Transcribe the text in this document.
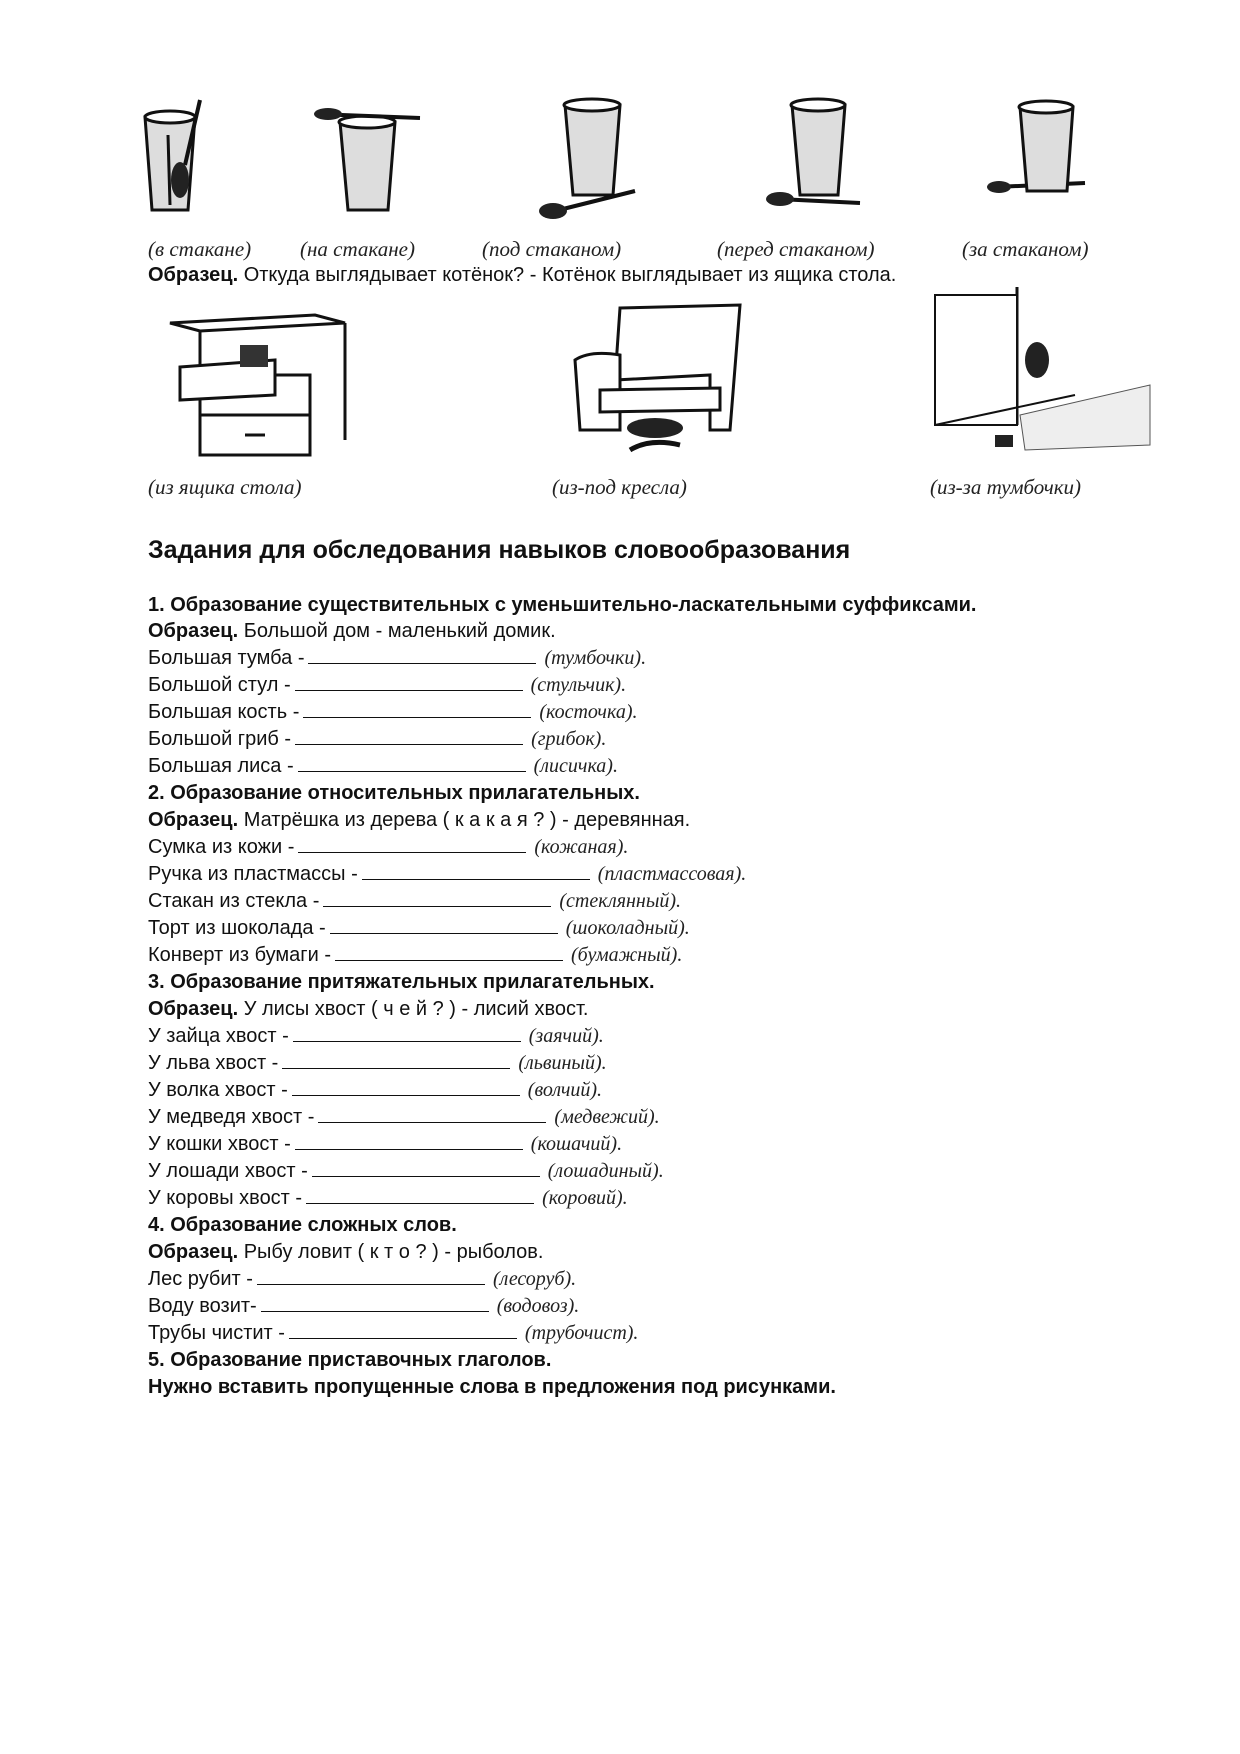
(в стакане) (на стакане)	(под стаканом)	(перед стаканом)	(за стаканом)
Образец. Откуда выглядывает котёнок? - Котёнок выглядывает из ящика стола.
(из ящика стола)	(из-под кресла)	(из-за тумбочки)
Задания для обследования навыков словообразования
1. Образование существительных с уменьшительно-ласкательными суффиксами.
Образец. Большой дом - маленький домик.
Большая тумба -	(тумбочки).
Большой стул -	(стульчик).
Большая кость -	(косточка).
Большой гриб -	(грибок).
Большая лиса -	(лисичка).
2. Образование относительных прилагательных.
Образец. Матрёшка из дерева ( к а к а я ? ) - деревянная.
Сумка из кожи -	(кожаная).
Ручка из пластмассы -	(пластмассовая).
Стакан из стекла -	(стеклянный).
Торт из шоколада -	(шоколадный).
Конверт из бумаги -	(бумажный).
3. Образование притяжательных прилагательных.
Образец. У лисы хвост ( ч е й ? ) - лисий хвост.
У зайца хвост -	(заячий).
У льва хвост -	(львиный).
У волка хвост -	(волчий).
У медведя хвост -	(медвежий).
У кошки хвост -	(кошачий).
У лошади хвост -	(лошадиный).
У коровы хвост -	(коровий).
4. Образование сложных слов.
Образец. Рыбу ловит ( к т о ? ) - рыболов.
Лес рубит -	(лесоруб).
Воду возит-	(водовоз).
Трубы чистит -	(трубочист).
5. Образование приставочных глаголов.
Нужно вставить пропущенные слова в предложения под рисунками.
